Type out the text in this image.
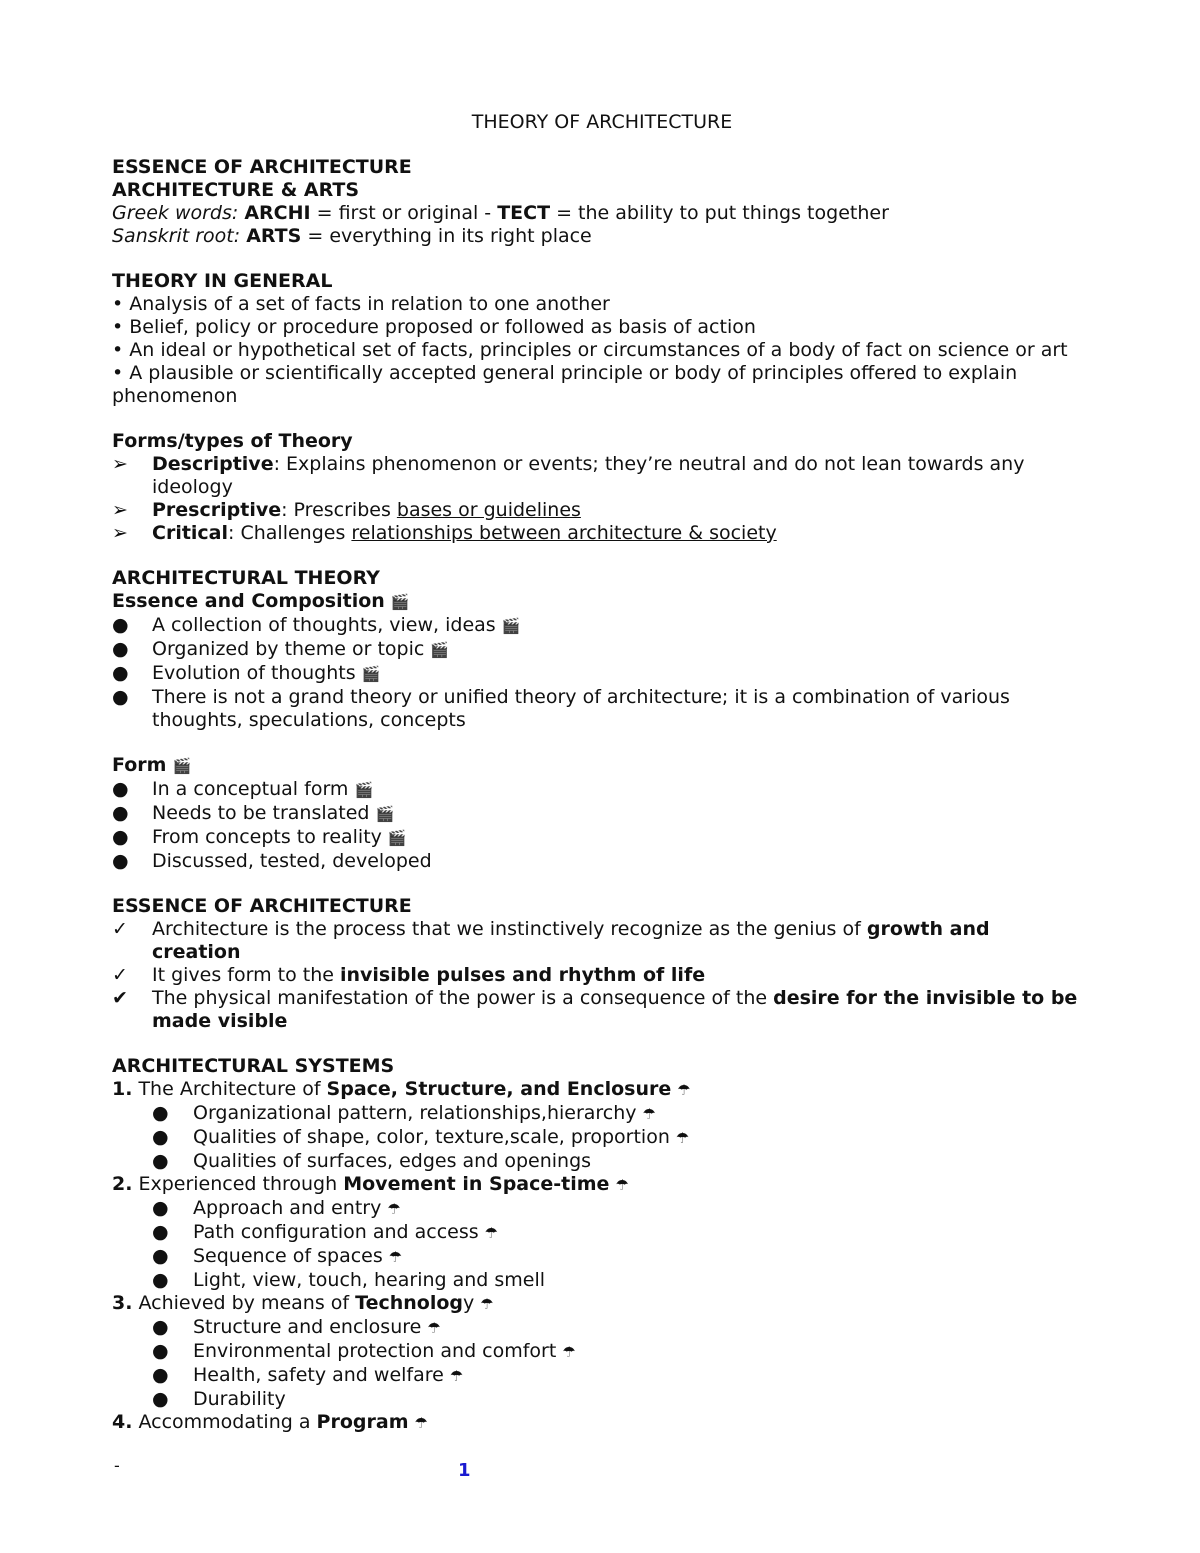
THEORY OF ARCHITECTURE

ESSENCE OF ARCHITECTURE

ARCHITECTURE & ARTS

Greek words: ARCHI = first or original - TECT = the ability to put things together

Sanskrit root: ARTS = everything in its right place

THEORY IN GENERAL

• Analysis of a set of facts in relation to one another

• Belief, policy or procedure proposed or followed as basis of action

• An ideal or hypothetical set of facts, principles or circumstances of a body of fact on science or art

• A plausible or scientifically accepted general principle or body of principles offered to explain phenomenon

Forms/types of Theory

➢	Descriptive: Explains phenomenon or events; they’re neutral and do not lean towards any ideology
➢	Prescriptive: Prescribes bases or guidelines
➢	Critical: Challenges relationships between architecture & society

ARCHITECTURAL THEORY

Essence and Composition 🎬

●	A collection of thoughts, view, ideas 🎬
●	Organized by theme or topic 🎬
●	Evolution of thoughts 🎬
●	There is not a grand theory or unified theory of architecture; it is a combination of various thoughts, speculations, concepts

Form 🎬

●	In a conceptual form 🎬
●	Needs to be translated 🎬
●	From concepts to reality 🎬
●	Discussed, tested, developed

ESSENCE OF ARCHITECTURE

✓	Architecture is the process that we instinctively recognize as the genius of growth and creation
✓	It gives form to the invisible pulses and rhythm of life
✔	The physical manifestation of the power is a consequence of the desire for the invisible to be made visible

ARCHITECTURAL SYSTEMS

1. The Architecture of Space, Structure, and Enclosure ☂
● Organizational pattern, relationships,hierarchy ☂
● Qualities of shape, color, texture,scale, proportion ☂
● Qualities of surfaces, edges and openings
2. Experienced through Movement in Space-time ☂
● Approach and entry ☂
● Path configuration and access ☂
● Sequence of spaces ☂
● Light, view, touch, hearing and smell
3. Achieved by means of Technology ☂
● Structure and enclosure ☂
● Environmental protection and comfort ☂
● Health, safety and welfare ☂
● Durability
4. Accommodating a Program ☂
-	1
